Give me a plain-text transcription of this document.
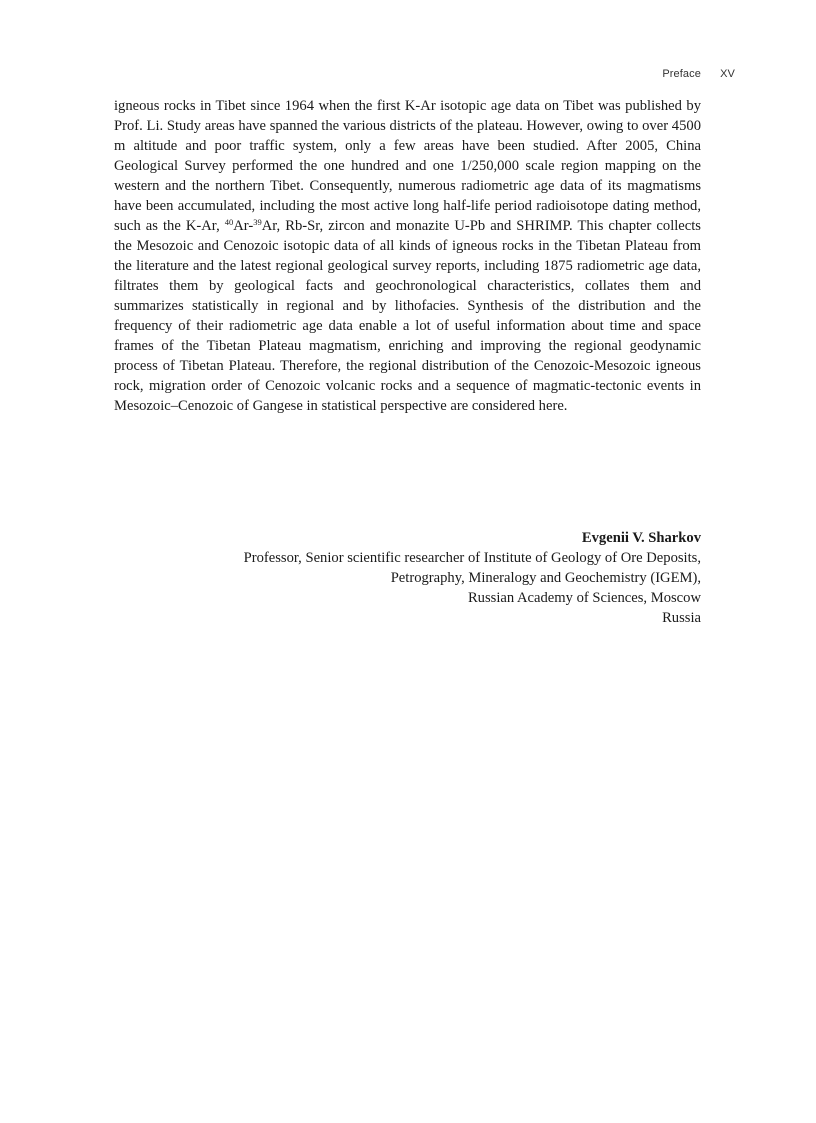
Preface XV

igneous rocks in Tibet since 1964 when the first K-Ar isotopic age data on Tibet was published by Prof. Li. Study areas have spanned the various districts of the plateau. However, owing to over 4500 m altitude and poor traffic system, only a few areas have been studied. After 2005, China Geological Survey performed the one hundred and one 1/250,000 scale region mapping on the western and the northern Tibet. Consequently, numerous radiometric age data of its magmatisms have been accumulated, including the most active long half-life period radioisotope dating method, such as the K-Ar, $^{40}$Ar-$^{39}$Ar, Rb-Sr, zircon and monazite U-Pb and SHRIMP. This chapter collects the Mesozoic and Cenozoic isotopic data of all kinds of igneous rocks in the Tibetan Plateau from the literature and the latest regional geological survey reports, including 1875 radiometric age data, filtrates them by geological facts and geochronological characteristics, collates them and summarizes statistically in regional and by lithofacies. Synthesis of the distribution and the frequency of their radiometric age data enable a lot of useful information about time and space frames of the Tibetan Plateau magmatism, enriching and improving the regional geodynamic process of Tibetan Plateau. Therefore, the regional distribution of the Cenozoic-Mesozoic igneous rock, migration order of Cenozoic volcanic rocks and a sequence of magmatic-tectonic events in Mesozoic–Cenozoic of Gangese in statistical perspective are considered here.

Evgenii V. Sharkov
Professor, Senior scientific researcher of Institute of Geology of Ore Deposits,
Petrography, Mineralogy and Geochemistry (IGEM),
Russian Academy of Sciences, Moscow
Russia
